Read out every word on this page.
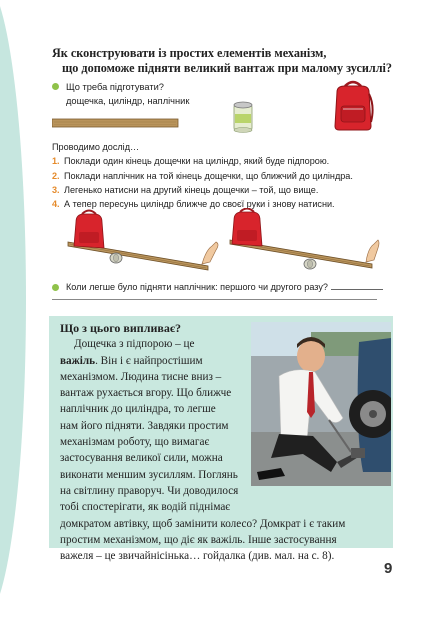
Як сконструювати із простих елементів механізм,
що допоможе підняти великий вантаж при малому зусиллі?
Що треба підготувати?
дощечка, циліндр, наплічник
Проводимо дослід…
1. Поклади один кінець дощечки на циліндр, який буде підпорою.
2. Поклади наплічник на той кінець дощечки, що ближчий до циліндра.
3. Легенько натисни на другий кінець дощечки – той, що вище.
4. А тепер пересунь циліндр ближче до своєї руки і знову натисни.
Коли легше було підняти наплічник: першого чи другого разу?
Що з цього випливає?
Дощечка з підпорою – це
важіль. Він і є найпростішим
механізмом. Людина тисне вниз –
вантаж рухається вгору. Що ближче
наплічник до циліндра, то легше
нам його підняти. Завдяки простим
механізмам роботу, що вимагає
застосування великої сили, можна
виконати меншим зусиллям. Поглянь
на світлину праворуч. Чи доводилося
тобі спостерігати, як водій піднімає
домкратом автівку, щоб замінити колесо? Домкрат і є таким
простим механізмом, що діє як важіль. Інше застосування
важеля – це звичайнісінька… гойдалка (див. мал. на с. 8).
9
